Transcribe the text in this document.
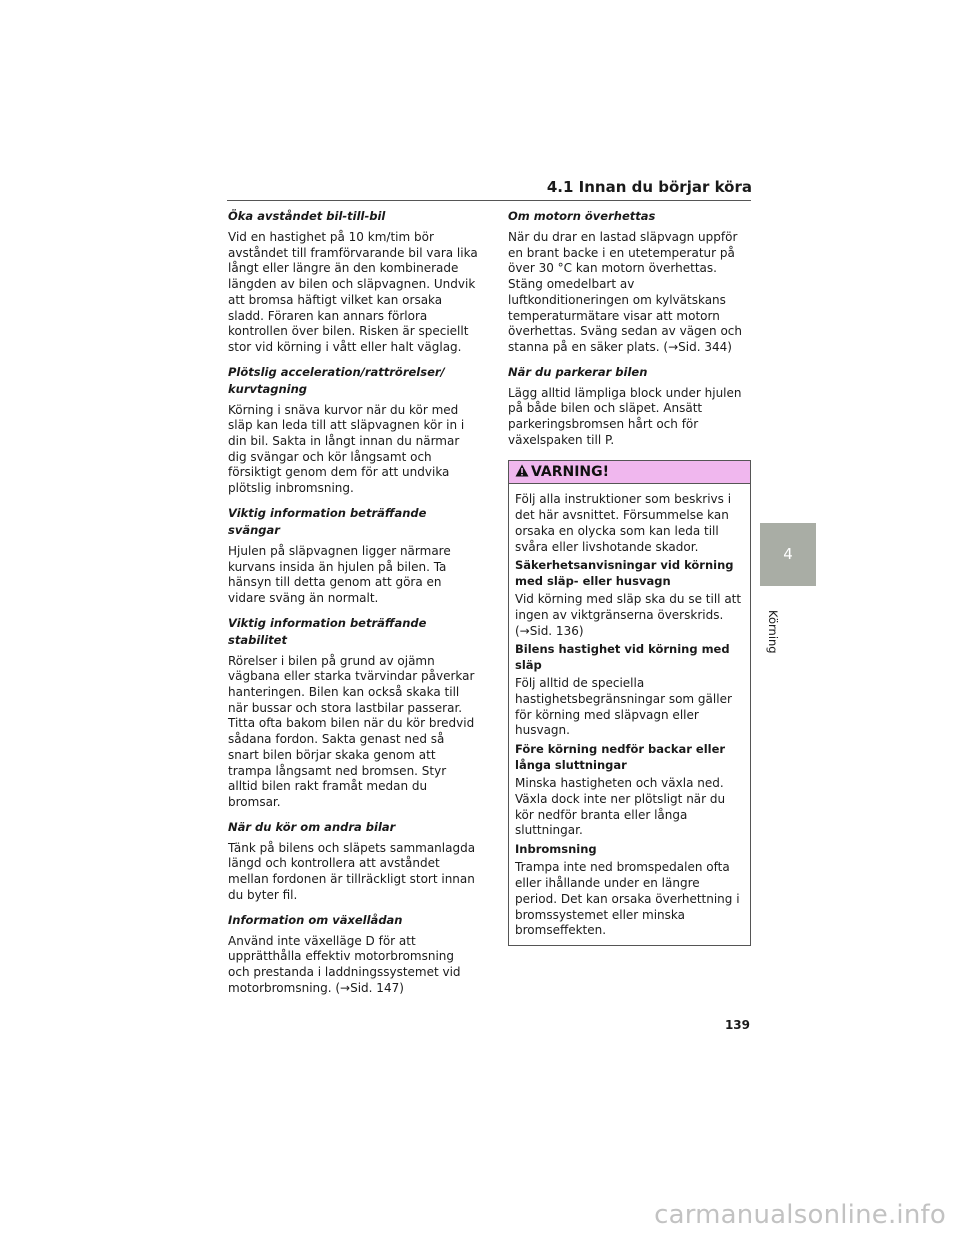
4.1 Innan du börjar köra
Öka avståndet bil-till-bil
Vid en hastighet på 10 km/tim bör avståndet till framförvarande bil vara lika långt eller längre än den kombinerade längden av bilen och släpvagnen. Undvik att bromsa häftigt vilket kan orsaka sladd. Föraren kan annars förlora kontrollen över bilen. Risken är speciellt stor vid körning i vått eller halt väglag.
Plötslig acceleration/rattrörelser/ kurvtagning
Körning i snäva kurvor när du kör med släp kan leda till att släpvagnen kör in i din bil. Sakta in långt innan du närmar dig svängar och kör långsamt och försiktigt genom dem för att undvika plötslig inbromsning.
Viktig information beträffande svängar
Hjulen på släpvagnen ligger närmare kurvans insida än hjulen på bilen. Ta hänsyn till detta genom att göra en vidare sväng än normalt.
Viktig information beträffande stabilitet
Rörelser i bilen på grund av ojämn vägbana eller starka tvärvindar påverkar hanteringen. Bilen kan också skaka till när bussar och stora lastbilar passerar. Titta ofta bakom bilen när du kör bredvid sådana fordon. Sakta genast ned så snart bilen börjar skaka genom att trampa långsamt ned bromsen. Styr alltid bilen rakt framåt medan du bromsar.
När du kör om andra bilar
Tänk på bilens och släpets sammanlagda längd och kontrollera att avståndet mellan fordonen är tillräckligt stort innan du byter fil.
Information om växellådan
Använd inte växelläge D för att upprätthålla effektiv motorbromsning och prestanda i laddningssystemet vid motorbromsning. (→Sid. 147)
Om motorn överhettas
När du drar en lastad släpvagn uppför en brant backe i en utetemperatur på över 30 °C kan motorn överhettas. Stäng omedelbart av luftkonditioneringen om kylvätskans temperaturmätare visar att motorn överhettas. Sväng sedan av vägen och stanna på en säker plats. (→Sid. 344)
När du parkerar bilen
Lägg alltid lämpliga block under hjulen på både bilen och släpet. Ansätt parkeringsbromsen hårt och för växelspaken till P.
VARNING!
Följ alla instruktioner som beskrivs i det här avsnittet. Försummelse kan orsaka en olycka som kan leda till svåra eller livshotande skador.
Säkerhetsanvisningar vid körning med släp- eller husvagn
Vid körning med släp ska du se till att ingen av viktgränserna överskrids. (→Sid. 136)
Bilens hastighet vid körning med släp
Följ alltid de speciella hastighetsbegränsningar som gäller för körning med släpvagn eller husvagn.
Före körning nedför backar eller långa sluttningar
Minska hastigheten och växla ned. Växla dock inte ner plötsligt när du kör nedför branta eller långa sluttningar.
Inbromsning
Trampa inte ned bromspedalen ofta eller ihållande under en längre period. Det kan orsaka överhettning i bromssystemet eller minska bromseffekten.
4
Körning
139
carmanualsonline.info
